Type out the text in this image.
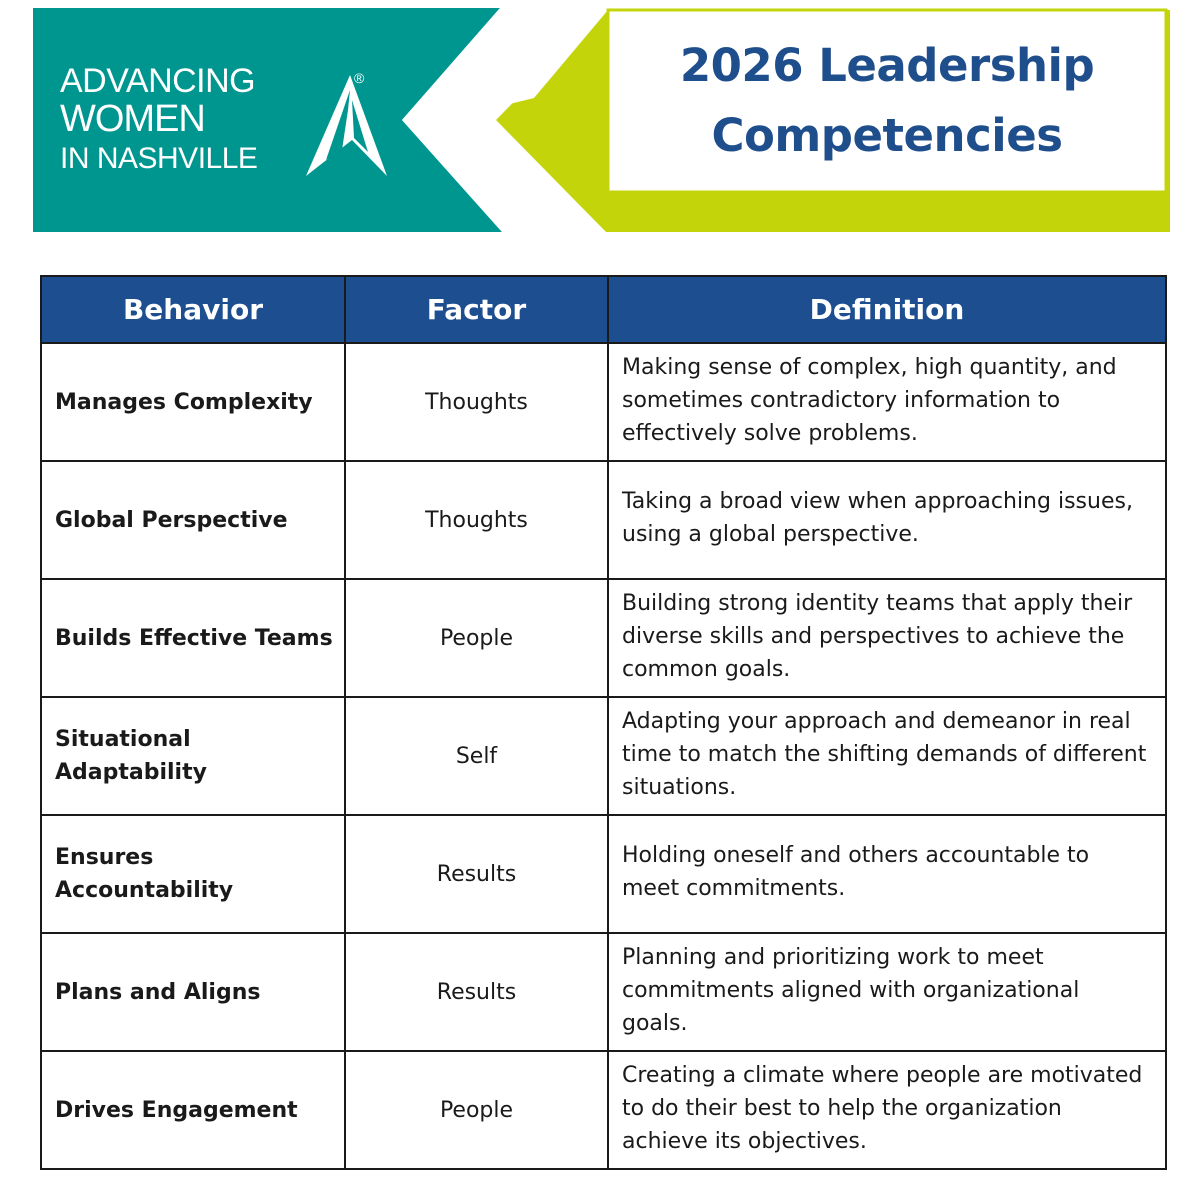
ADVANCING
WOMEN
IN NASHVILLE
®	2026 Leadership
Competencies
Behavior	Factor	Definition
Manages Complexity	Thoughts	Making sense of complex, high quantity, and sometimes contradictory information to effectively solve problems.
Global Perspective	Thoughts	Taking a broad view when approaching issues, using a global perspective.
Builds Effective Teams	People	Building strong identity teams that apply their diverse skills and perspectives to achieve the common goals.
Situational Adaptability	Self	Adapting your approach and demeanor in real time to match the shifting demands of different situations.
Ensures Accountability	Results	Holding oneself and others accountable to meet commitments.
Plans and Aligns	Results	Planning and prioritizing work to meet commitments aligned with organizational goals.
Drives Engagement	People	Creating a climate where people are motivated to do their best to help the organization achieve its objectives.
